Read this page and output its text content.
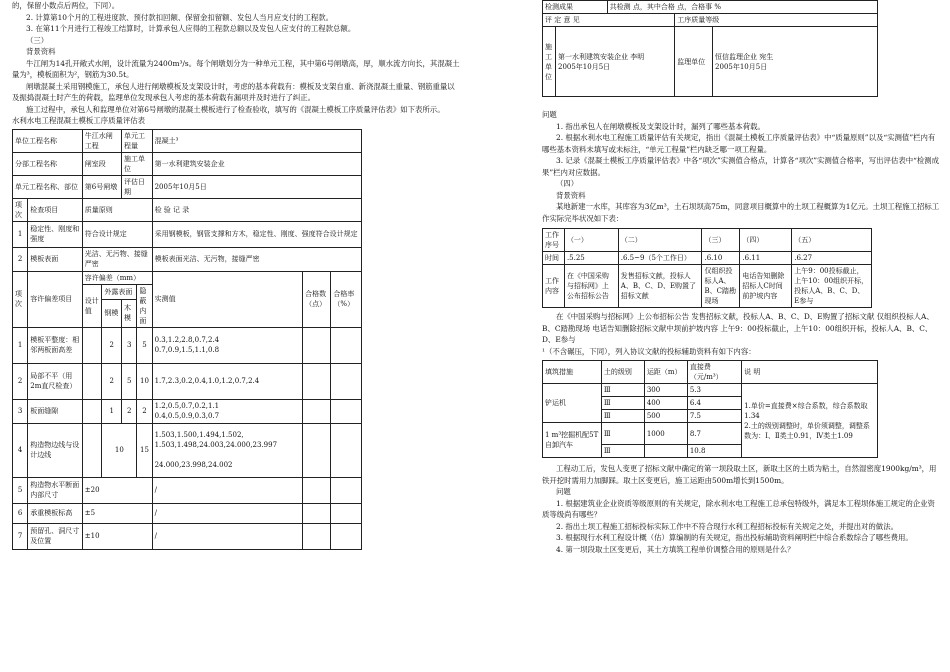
的，保留小数点后两位，下同）。

2. 计算第10个月的工程进度款、预付款扣回额、保留金扣留额、发包人当月应支付的工程款。

3. 在第11个月进行工程竣工结算时，计算承包人应得的工程款总额以及发包人应支付的工程款总额。

（三）

背景资料

牛江闸为14孔开敞式水闸，设计流量为2400m³/s。每个闸墩划分为一种单元工程，其中第6号闸墩高，厚，顺水流方向长，其混凝土量为³，模板面积为²，钢筋为30.5t。

闸墩混凝土采用钢模施工，承包人进行闸墩模板及支架设计时，考虑的基本荷载有：模板及支架自重、新浇混凝土重量、钢筋重量以及振捣混凝土时产生的荷载，监理单位发现承包人考虑的基本荷载有漏项并及时进行了纠正。

施工过程中，承包人和监理单位对第6号闸墩的混凝土模板进行了检查验收，填写的《混凝土模板工序质量评估表》如下表所示。

水利水电工程混凝土模板工序质量评估表

单位工程名称		牛江水闸工程		单元工程量		混凝土³		
分部工程名称		闸室段		施工单位		第一水利建筑安装企业		
单元工程名称、部位		第6号闸墩		评估日期		2005年10月5日		
项次	检查项目	质量原则				检 验 记 录		
1	稳定性、刚度和强度	符合设计规定				采用钢模板，钢管支撑和方木，稳定性、刚度、强度符合设计规定		
2	模板表面	光洁、无污物、接缝严密				模板表面光洁、无污物，接缝严密		
项次	容许偏差项目	容许偏差（mm）				实测值	合格数（点）	合格率（%）
		设计值	外露表面		隐蔽内面			
			钢模	木模				
1	模板平整度：相邻两板面高差		2	3	5	0.3,1.2,2.8,0.7,2.4
0.7,0.9,1.5,1.1,0.8		
2	局部不平（用2m直尺检查）		2	5	10	1.7,2.3,0.2,0.4,1.0,1.2,0.7,2.4		
3	板面缝隙		1	2	2	1.2,0.5,0.7,0.2,1.1
0.4,0.5,0.9,0.3,0.7		
4	构造物边线与设计边线		10		15	1.503,1.500,1.494,1.502,
1.503,1.498,24.003,24.000,23.997

24.000,23.998,24.002		
5	构造物水平断面内部尺寸	±20				/		
6	承重模板标高	±5				/		
7	预留孔、洞尺寸及位置	±10				/		
检测成果		共检测 点，其中合格 点，合格事 %		
评 定 意 见			工序质量等级	
施工单位	第一水利建筑安装企业 李明
2005年10月5日		监理单位	恒信监理企业 宛生
2005年10月5日

问题

1. 指出承包人在闸墩模板及支架设计时，漏列了哪些基本荷载。

2. 根据水利水电工程施工质量评估有关规定，指出《混凝土模板工序质量评估表》中“质量原则”以及“实测值”栏内有哪些基本资料未填写或未标注，“单元工程量”栏内缺乏哪一项工程量。

3. 记录《混凝土模板工序质量评估表》中各“项次”实测值合格点，计算各“项次”实测值合格率，写出评估表中“检测成果”栏内对应数据。

（四）

背景资料

某地新建一水库，其库容为3亿m³，土石坝坝高75m，同意项目概算中的土坝工程概算为1亿元。土坝工程施工招标工作实际完毕状况如下表：

工作序号	（一）	（二）	（三）	（四）	（五）
时间	.5.25	.6.5~9（5个工作日）	.6.10	.6.11	.6.27
工作内容	在《中国采购与招标网》上公布招标公告	发售招标文献，投标人A、B、C、D、E购置了招标文献	仅组织投标人A、B、C踏勘现场	电话告知删除招标人C时间前护坡内容	上午9：00投标截止，上午10：00组织开标，投标人A、B、C、D、E参与

在《中国采购与招标网》上公布招标公告 发售招标文献，投标人A、B、C、D、E购置了招标文献 仅组织投标人A、B、C踏勘现场 电话告知删除招标文献中坝前护坡内容 上午9：00投标截止，上午10：00组织开标，投标人A、B、C、D、E参与

¹（不含碾压，下同），列入协议文献的投标辅助资料有如下内容：

填筑措施	土的级别	运距（m）	直接费（元/m³）	说 明
铲运机	Ⅲ	300	5.3	1.单价=直接费×综合系数，综合系数取1.34
2.土的级别调整时，单价须调整，调整系数为：Ⅰ、Ⅱ类土0.91，Ⅳ类土1.09
	Ⅲ	400	6.4	
	Ⅲ	500	7.5	
1 m³挖掘机配5T自卸汽车	Ⅲ	1000	8.7	
	Ⅲ		10.8	

工程动工后，发包人变更了招标文献中确定的第一坝段取土区，新取土区的土质为粘土，自然湿密度1900kg/m³，用铁开挖时需用力加脚踩。取土区变更后，施工运距由500m增长到1500m。

问题

1. 根据建筑业企业资质等级原则的有关规定，除水利水电工程施工总承包特级外，满足本工程坝体施工规定的企业资质等级尚有哪些？

2. 指出土坝工程施工招标投标实际工作中不符合现行水利工程招标投标有关规定之处，并提出对的做法。

3. 根据现行水利工程设计概（估）算编制的有关规定，指出投标辅助资料阐明栏中综合系数综合了哪些费用。

4. 第一坝段取土区变更后，其土方填筑工程单价调整合用的原则是什么？
